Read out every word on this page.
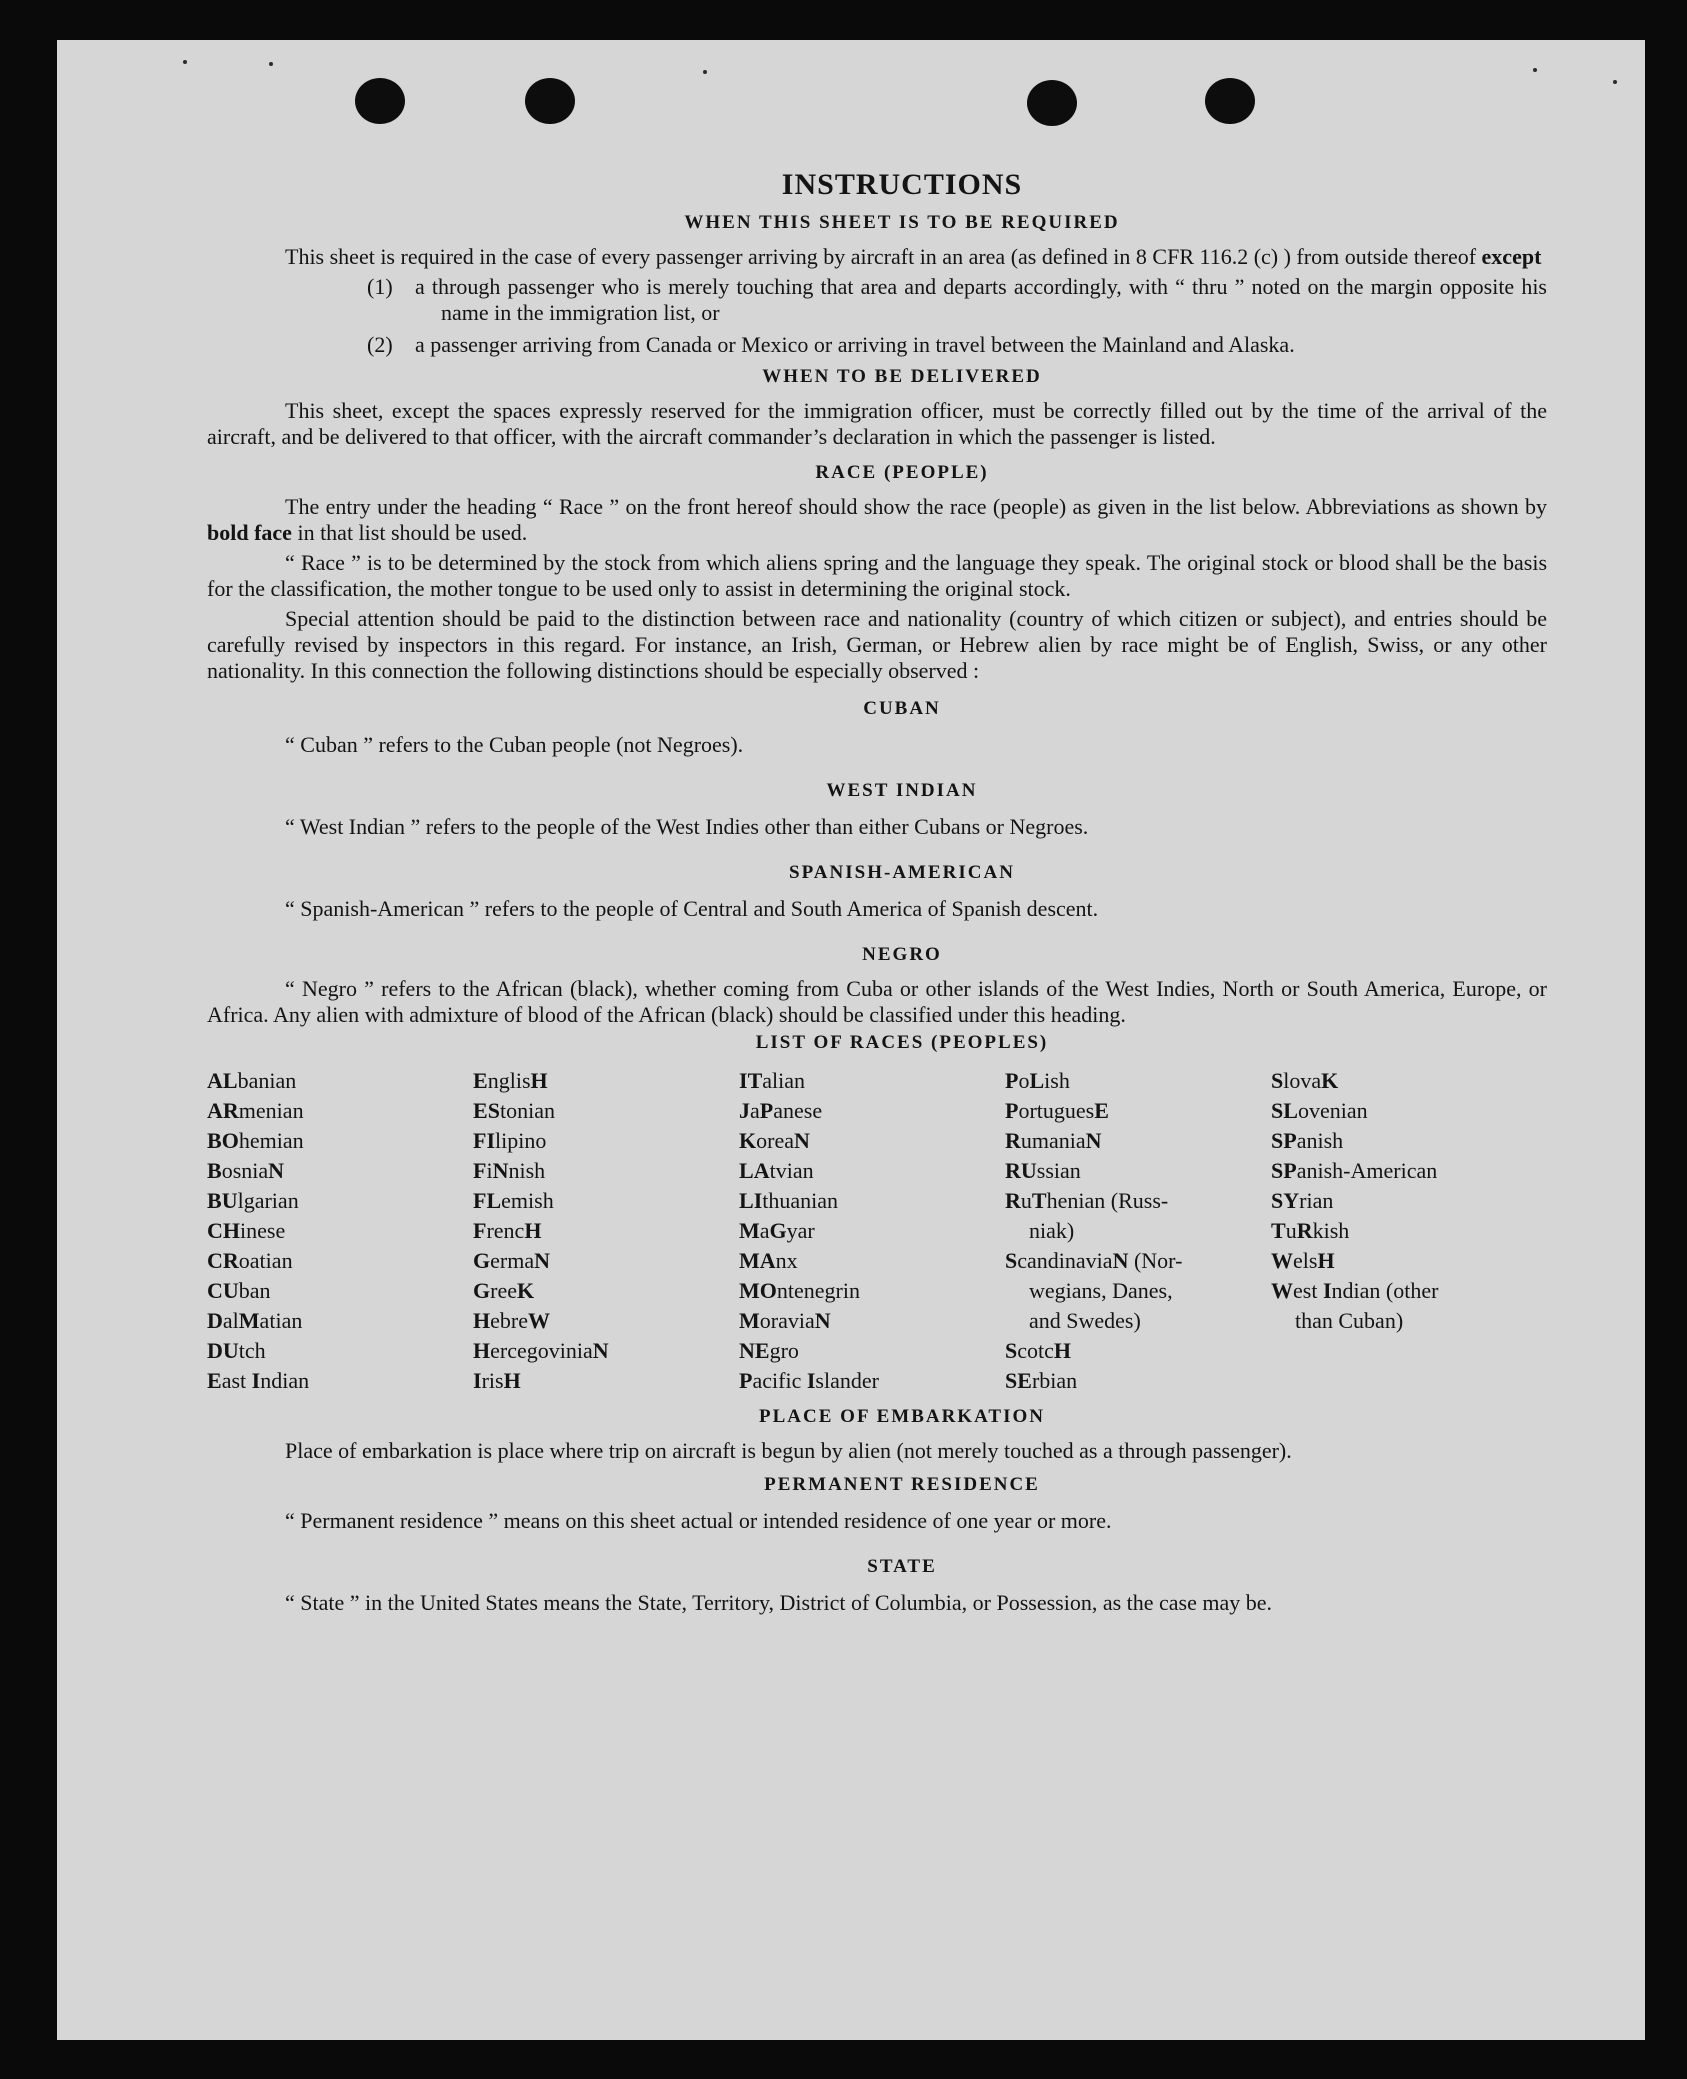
INSTRUCTIONS
WHEN THIS SHEET IS TO BE REQUIRED

This sheet is required in the case of every passenger arriving by aircraft in an area (as defined in 8 CFR 116.2 (c) ) from outside thereof except

(1) a through passenger who is merely touching that area and departs accordingly, with “ thru ” noted on the margin opposite his name in the immigration list, or
(2) a passenger arriving from Canada or Mexico or arriving in travel between the Mainland and Alaska.
WHEN TO BE DELIVERED

This sheet, except the spaces expressly reserved for the immigration officer, must be correctly filled out by the time of the arrival of the aircraft, and be delivered to that officer, with the aircraft commander’s declaration in which the passenger is listed.

RACE (PEOPLE)

The entry under the heading “ Race ” on the front hereof should show the race (people) as given in the list below. Abbreviations as shown by bold face in that list should be used.

“ Race ” is to be determined by the stock from which aliens spring and the language they speak. The original stock or blood shall be the basis for the classification, the mother tongue to be used only to assist in determining the original stock.

Special attention should be paid to the distinction between race and nationality (country of which citizen or subject), and entries should be carefully revised by inspectors in this regard. For instance, an Irish, German, or Hebrew alien by race might be of English, Swiss, or any other nationality. In this connection the following distinctions should be especially observed :

CUBAN

“ Cuban ” refers to the Cuban people (not Negroes).

WEST INDIAN

“ West Indian ” refers to the people of the West Indies other than either Cubans or Negroes.

SPANISH-AMERICAN

“ Spanish-American ” refers to the people of Central and South America of Spanish descent.

NEGRO

“ Negro ” refers to the African (black), whether coming from Cuba or other islands of the West Indies, North or South America, Europe, or Africa. Any alien with admixture of blood of the African (black) should be classified under this heading.

LIST OF RACES (PEOPLES)
ALbanian
ARmenian
BOhemian
BosniaN
BUlgarian
CHinese
CRoatian
CUban
DalMatian
DUtch
East Indian
EnglisH
EStonian
FIlipino
FiNnish
FLemish
FrencH
GermaN
GreeK
HebreW
HercegoviniaN
IrisH
ITalian
JaPanese
KoreaN
LAtvian
LIthuanian
MaGyar
MAnx
MOntenegrin
MoraviaN
NEgro
Pacific Islander
PoLish
PortuguesE
RumaniaN
RUssian
RuThenian (Russ-
niak)
ScandinaviaN (Nor-
wegians, Danes,
and Swedes)
ScotcH
SErbian
SlovaK
SLovenian
SPanish
SPanish-American
SYrian
TuRkish
WelsH
West Indian (other
than Cuban)
PLACE OF EMBARKATION

Place of embarkation is place where trip on aircraft is begun by alien (not merely touched as a through passenger).

PERMANENT RESIDENCE

“ Permanent residence ” means on this sheet actual or intended residence of one year or more.

STATE

“ State ” in the United States means the State, Territory, District of Columbia, or Possession, as the case may be.
